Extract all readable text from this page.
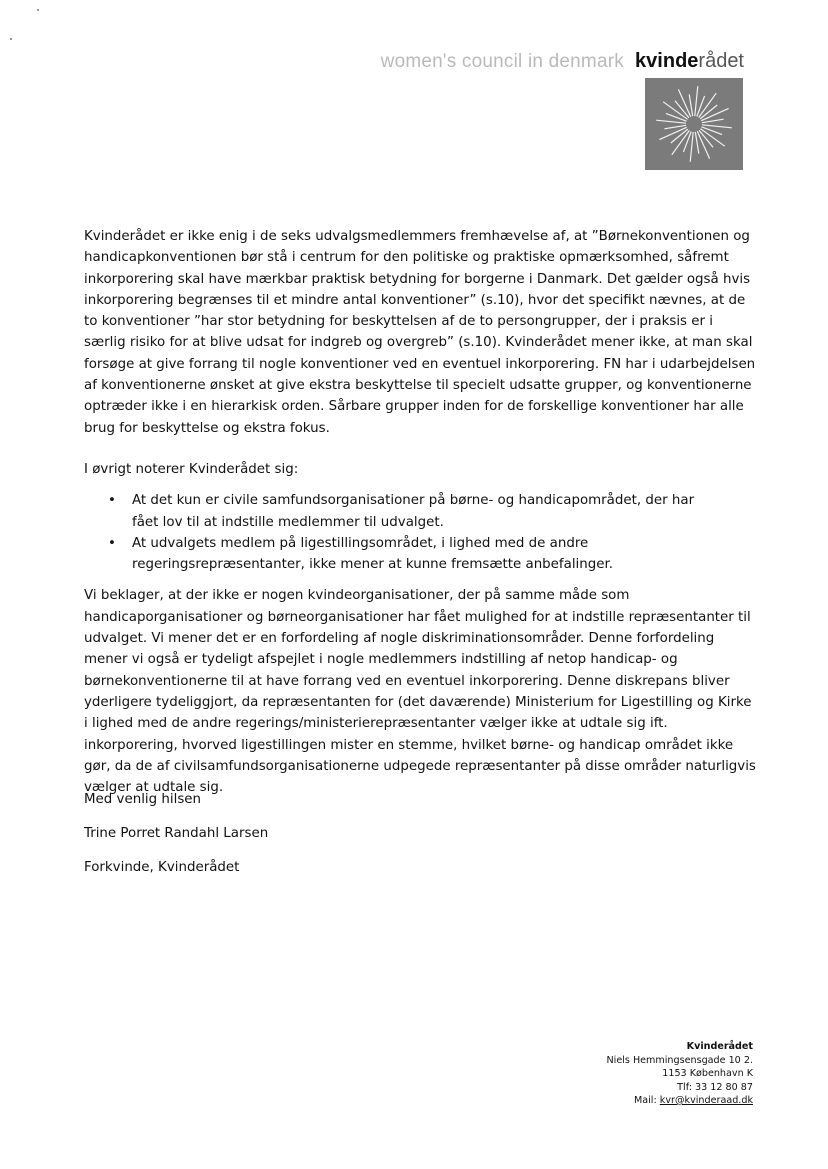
women's council in denmark kvinderådet

Kvinderådet er ikke enig i de seks udvalgsmedlemmers fremhævelse af, at ”Børnekonventionen og handicapkonventionen bør stå i centrum for den politiske og praktiske opmærksomhed, såfremt inkorporering skal have mærkbar praktisk betydning for borgerne i Danmark. Det gælder også hvis inkorporering begrænses til et mindre antal konventioner” (s.10), hvor det specifikt nævnes, at de to konventioner ”har stor betydning for beskyttelsen af de to persongrupper, der i praksis er i særlig risiko for at blive udsat for indgreb og overgreb” (s.10). Kvinderådet mener ikke, at man skal forsøge at give forrang til nogle konventioner ved en eventuel inkorporering. FN har i udarbejdelsen af konventionerne ønsket at give ekstra beskyttelse til specielt udsatte grupper, og konventionerne optræder ikke i en hierarkisk orden. Sårbare grupper inden for de forskellige konventioner har alle brug for beskyttelse og ekstra fokus.

I øvrigt noterer Kvinderådet sig:

• At det kun er civile samfundsorganisationer på børne- og handicapområdet, der har fået lov til at indstille medlemmer til udvalget.
• At udvalgets medlem på ligestillingsområdet, i lighed med de andre regeringsrepræsentanter, ikke mener at kunne fremsætte anbefalinger.

Vi beklager, at der ikke er nogen kvindeorganisationer, der på samme måde som handicaporganisationer og børneorganisationer har fået mulighed for at indstille repræsentanter til udvalget. Vi mener det er en forfordeling af nogle diskriminationsområder. Denne forfordeling mener vi også er tydeligt afspejlet i nogle medlemmers indstilling af netop handicap- og børnekonventionerne til at have forrang ved en eventuel inkorporering. Denne diskrepans bliver yderligere tydeliggjort, da repræsentanten for (det daværende) Ministerium for Ligestilling og Kirke i lighed med de andre regerings/ministerierepræsentanter vælger ikke at udtale sig ift. inkorporering, hvorved ligestillingen mister en stemme, hvilket børne- og handicap området ikke gør, da de af civilsamfundsorganisationerne udpegede repræsentanter på disse områder naturligvis vælger at udtale sig.

Med venlig hilsen
Trine Porret Randahl Larsen
Forkvinde, Kvinderådet
Kvinderådet
Niels Hemmingsensgade 10 2.
1153 København K
Tlf: 33 12 80 87
Mail: kvr@kvinderaad.dk
